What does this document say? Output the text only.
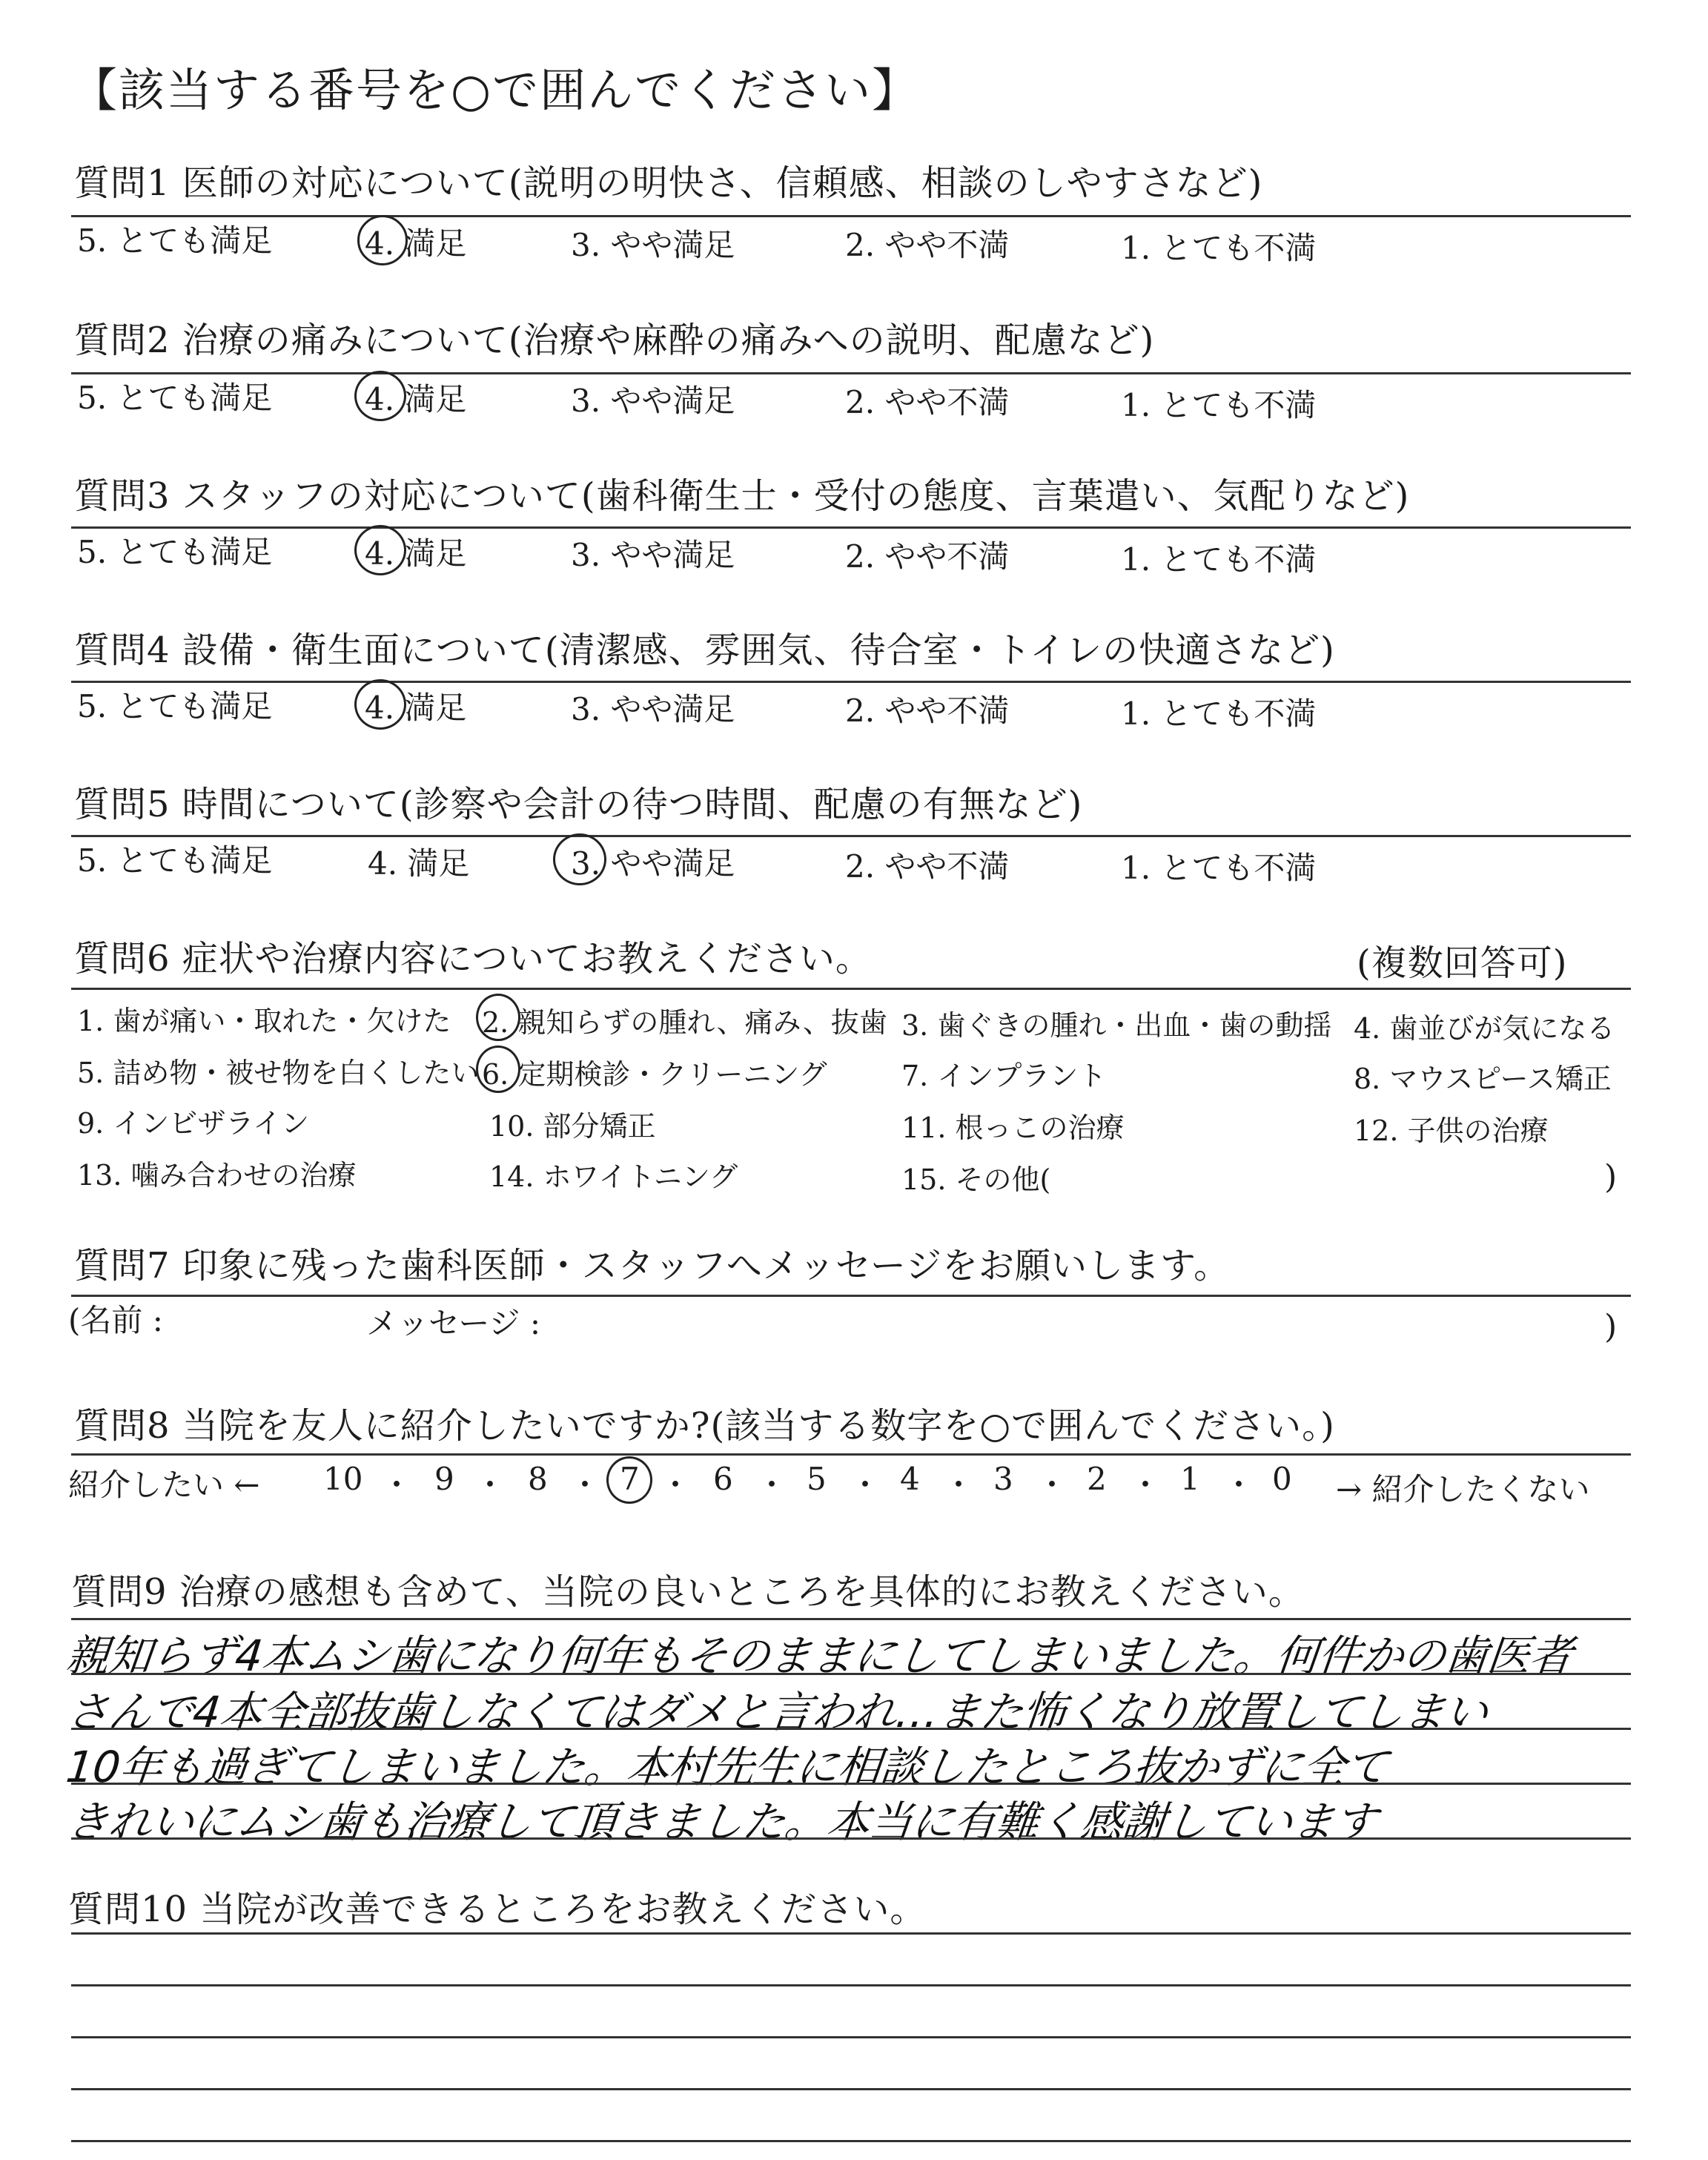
【該当する番号を○で囲んでください】
質問1 医師の対応について(説明の明快さ、信頼感、相談のしやすさなど)
5. とても満足	4. 満足	3. やや満足	2. やや不満	1. とても不満
質問2 治療の痛みについて(治療や麻酔の痛みへの説明、配慮など)
5. とても満足	4. 満足	3. やや満足	2. やや不満	1. とても不満
質問3 スタッフの対応について(歯科衛生士・受付の態度、言葉遣い、気配りなど)
5. とても満足	4. 満足	3. やや満足	2. やや不満	1. とても不満
質問4 設備・衛生面について(清潔感、雰囲気、待合室・トイレの快適さなど)
5. とても満足	4. 満足	3. やや満足	2. やや不満	1. とても不満
質問5 時間について(診察や会計の待つ時間、配慮の有無など)
5. とても満足	4. 満足	3. やや満足	2. やや不満	1. とても不満
質問6 症状や治療内容についてお教えください。	(複数回答可)
1. 歯が痛い・取れた・欠けた 2. 親知らずの腫れ、痛み、抜歯 3. 歯ぐきの腫れ・出血・歯の動揺 4. 歯並びが気になる
5. 詰め物・被せ物を白くしたい 6. 定期検診・クリーニング	7. インプラント	8. マウスピース矯正
9. インビザライン	10. 部分矯正	11. 根っこの治療	12. 子供の治療
13. 噛み合わせの治療	14. ホワイトニング	15. その他(	)
質問7 印象に残った歯科医師・スタッフへメッセージをお願いします。
(名前 :	メッセージ :	)
質問8 当院を友人に紹介したいですか?(該当する数字を○で囲んでください。)
紹介したい ←	→ 紹介したくない
10 ・ 9 ・ 8 ・ 7 ・ 6 ・ 5 ・ 4 ・ 3 ・ 2 ・ 1 ・ 0
質問9 治療の感想も含めて、当院の良いところを具体的にお教えください。
親知らず4本ムシ歯になり何年もそのままにしてしまいました。何件かの歯医者
さんで4本全部抜歯しなくてはダメと言われ…また怖くなり放置してしまい
10年も過ぎてしまいました。本村先生に相談したところ抜かずに全て
きれいにムシ歯も治療して頂きました。本当に有難く感謝しています
質問10 当院が改善できるところをお教えください。
